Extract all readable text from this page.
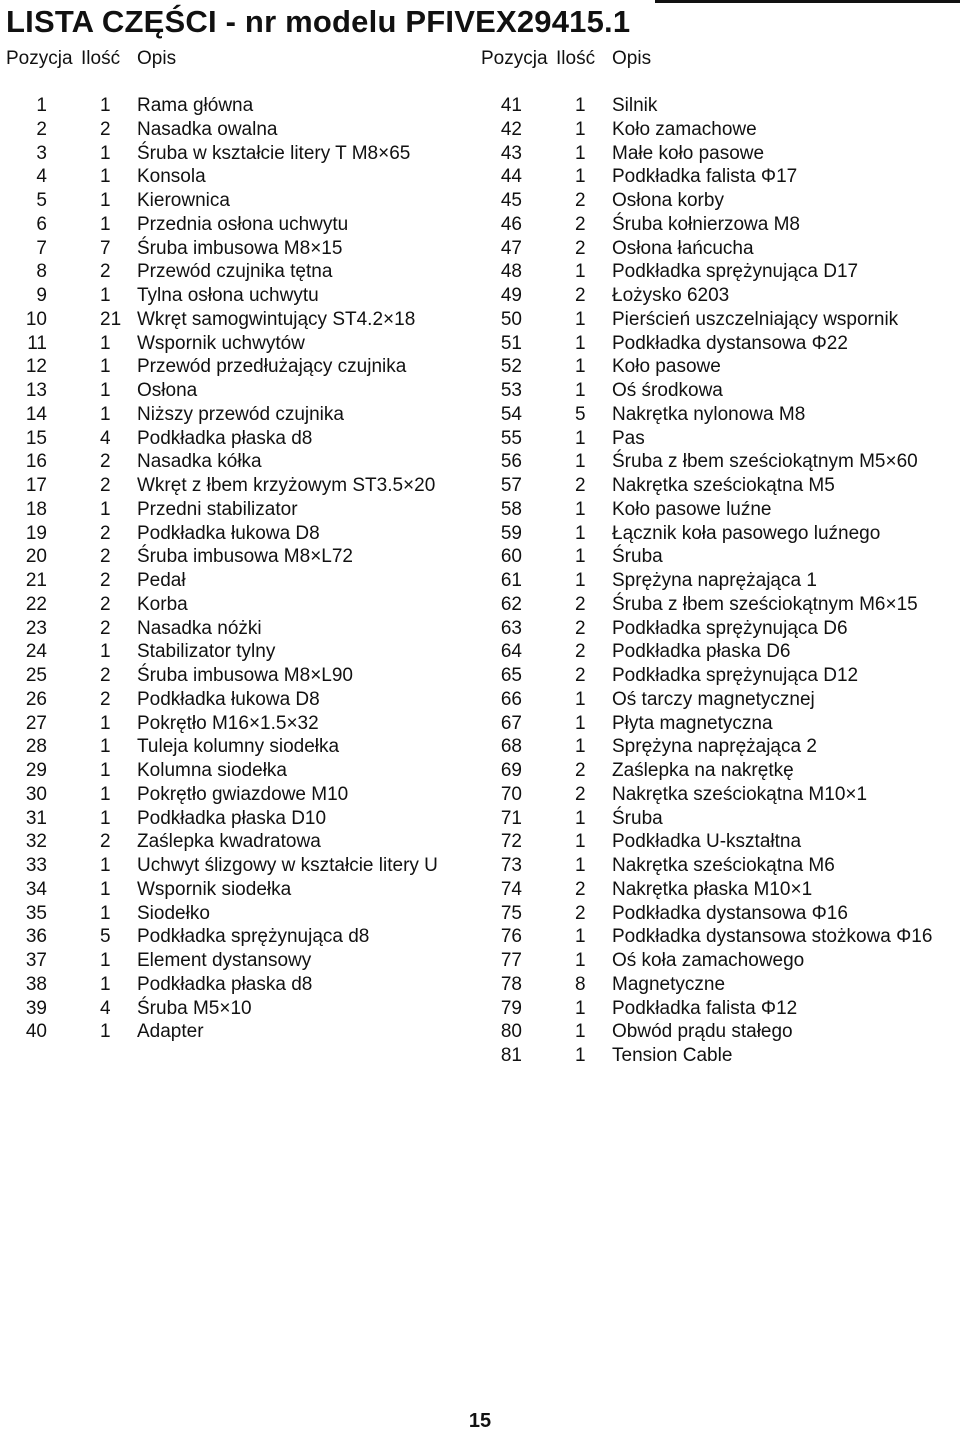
LISTA CZĘŚCI - nr modelu PFIVEX29415.1
Pozycja Ilość Opis	Pozycja Ilość Opis
1	1 Rama główna
2	2 Nasadka owalna
3	1 Śruba w kształcie litery T M8×65
4	1 Konsola
5	1 Kierownica
6	1 Przednia osłona uchwytu
7	7 Śruba imbusowa M8×15
8	2 Przewód czujnika tętna
9	1 Tylna osłona uchwytu
10	21 Wkręt samogwintujący ST4.2×18
11	1 Wspornik uchwytów
12	1 Przewód przedłużający czujnika
13	1 Osłona
14	1 Niższy przewód czujnika
15	4 Podkładka płaska d8
16	2 Nasadka kółka
17	2 Wkręt z łbem krzyżowym ST3.5×20
18	1 Przedni stabilizator
19	2 Podkładka łukowa D8
20	2 Śruba imbusowa M8×L72
21	2 Pedał
22	2 Korba
23	2 Nasadka nóżki
24	1 Stabilizator tylny
25	2 Śruba imbusowa M8×L90
26	2 Podkładka łukowa D8
27	1 Pokrętło M16×1.5×32
28	1 Tuleja kolumny siodełka
29	1 Kolumna siodełka
30	1 Pokrętło gwiazdowe M10
31	1 Podkładka płaska D10
32	2 Zaślepka kwadratowa
33	1 Uchwyt ślizgowy w kształcie litery U
34	1 Wspornik siodełka
35	1 Siodełko
36	5 Podkładka sprężynująca d8
37	1 Element dystansowy
38	1 Podkładka płaska d8
39	4 Śruba M5×10
40	1 Adapter
41	1 Silnik
42	1 Koło zamachowe
43	1 Małe koło pasowe
44	1 Podkładka falista Φ17
45	2 Osłona korby
46	2 Śruba kołnierzowa M8
47	2 Osłona łańcucha
48	1 Podkładka sprężynująca D17
49	2 Łożysko 6203
50	1 Pierścień uszczelniający wspornik
51	1 Podkładka dystansowa Φ22
52	1 Koło pasowe
53	1 Oś środkowa
54	5 Nakrętka nylonowa M8
55	1 Pas
56	1 Śruba z łbem sześciokątnym M5×60
57	2 Nakrętka sześciokątna M5
58	1 Koło pasowe luźne
59	1 Łącznik koła pasowego luźnego
60	1 Śruba
61	1 Sprężyna naprężająca 1
62	2 Śruba z łbem sześciokątnym M6×15
63	2 Podkładka sprężynująca D6
64	2 Podkładka płaska D6
65	2 Podkładka sprężynująca D12
66	1 Oś tarczy magnetycznej
67	1 Płyta magnetyczna
68	1 Sprężyna naprężająca 2
69	2 Zaślepka na nakrętkę
70	2 Nakrętka sześciokątna M10×1
71	1 Śruba
72	1 Podkładka U-kształtna
73	1 Nakrętka sześciokątna M6
74	2 Nakrętka płaska M10×1
75	2 Podkładka dystansowa Φ16
76	1 Podkładka dystansowa stożkowa Φ16
77	1 Oś koła zamachowego
78	8 Magnetyczne
79	1 Podkładka falista Φ12
80	1 Obwód prądu stałego
81	1 Tension Cable
15
